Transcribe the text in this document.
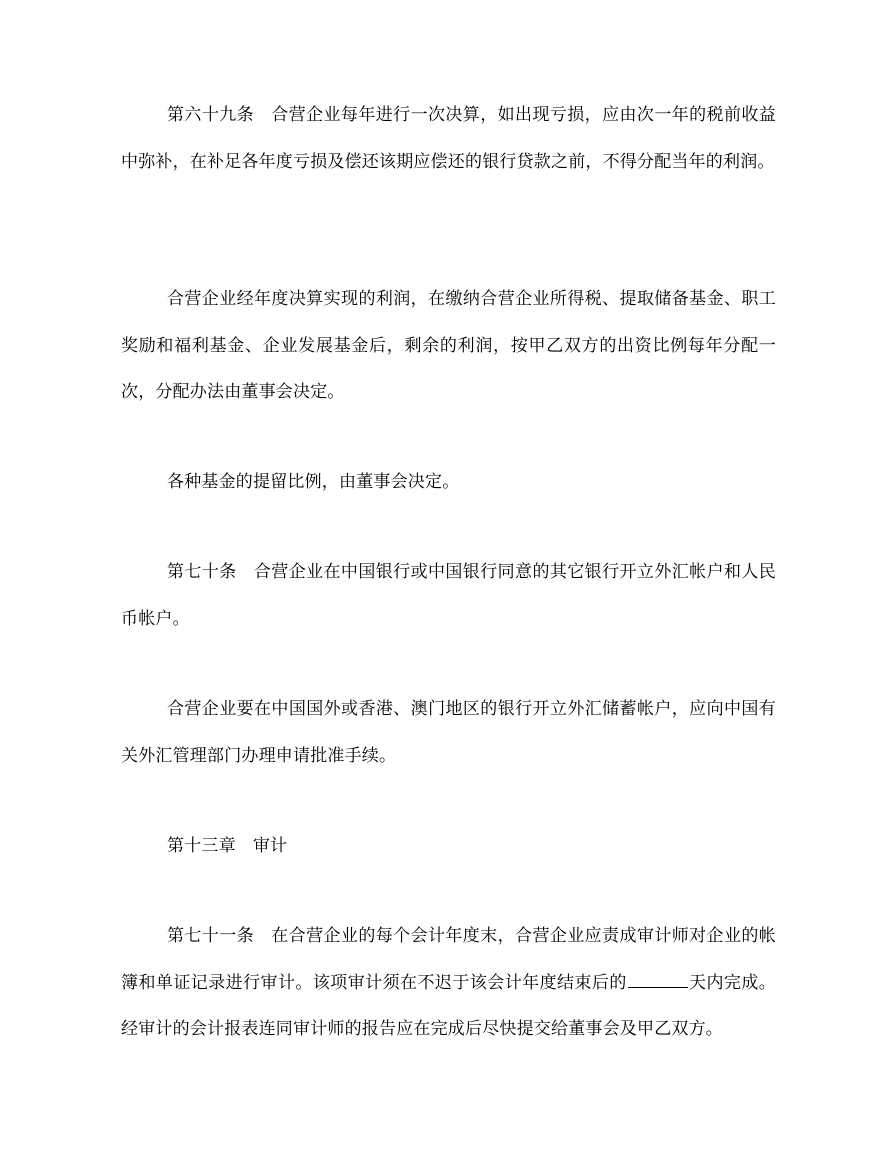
第六十九条 合营企业每年进行一次决算，如出现亏损，应由次一年的税前收益中弥补，在补足各年度亏损及偿还该期应偿还的银行贷款之前，不得分配当年的利润。

合营企业经年度决算实现的利润，在缴纳合营企业所得税、提取储备基金、职工奖励和福利基金、企业发展基金后，剩余的利润，按甲乙双方的出资比例每年分配一次，分配办法由董事会决定。

各种基金的提留比例，由董事会决定。

第七十条 合营企业在中国银行或中国银行同意的其它银行开立外汇帐户和人民币帐户。

合营企业要在中国国外或香港、澳门地区的银行开立外汇储蓄帐户，应向中国有关外汇管理部门办理申请批准手续。

第十三章 审计

第七十一条 在合营企业的每个会计年度末，合营企业应责成审计师对企业的帐簿和单证记录进行审计。该项审计须在不迟于该会计年度结束后的	天内完成。经审计的会计报表连同审计师的报告应在完成后尽快提交给董事会及甲乙双方。
